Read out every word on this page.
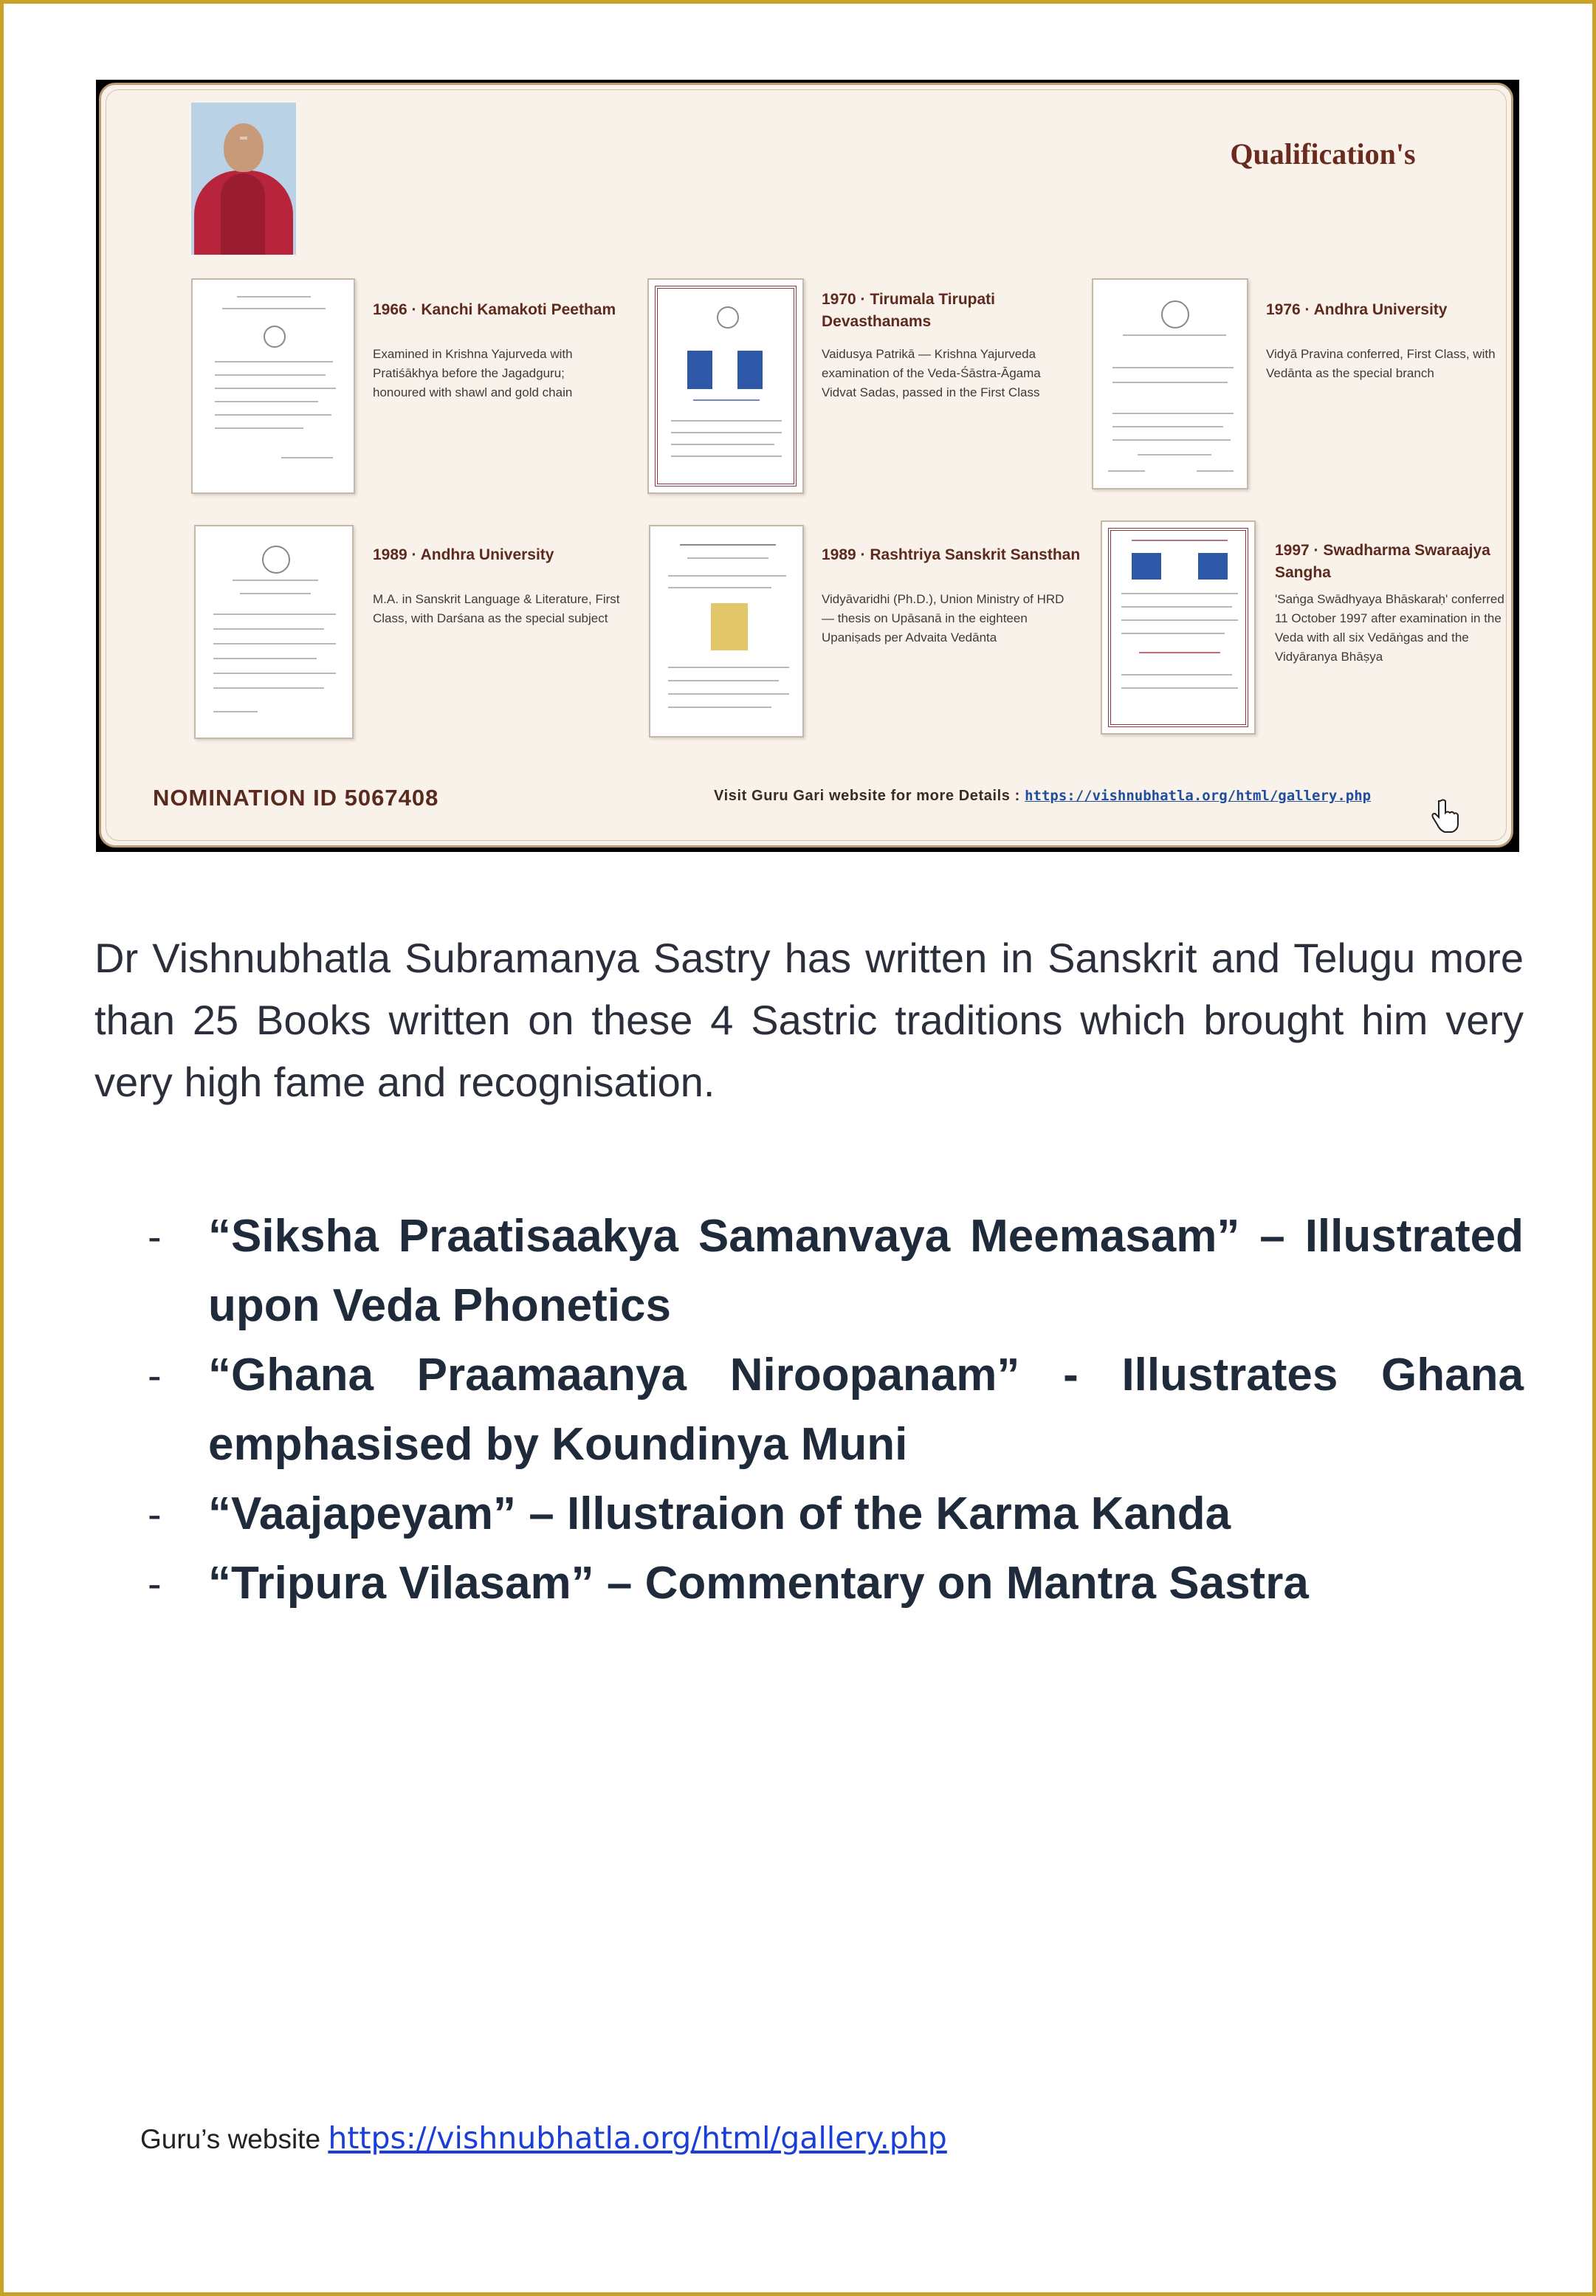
Qualification's
1966 · Kanchi Kamakoti Peetham
Examined in Krishna Yajurveda with Pratiśākhya before the Jagadguru; honoured with shawl and gold chain
1970 · Tirumala Tirupati Devasthanams
Vaidusya Patrikā — Krishna Yajurveda examination of the Veda-Śāstra-Āgama Vidvat Sadas, passed in the First Class
1976 · Andhra University
Vidyā Pravina conferred, First Class, with Vedānta as the special branch
1989 · Andhra University
M.A. in Sanskrit Language & Literature, First Class, with Darśana as the special subject
1989 · Rashtriya Sanskrit Sansthan
Vidyāvaridhi (Ph.D.), Union Ministry of HRD — thesis on Upāsanā in the eighteen Upaniṣads per Advaita Vedānta
1997 · Swadharma Swaraajya Sangha
'Saṅga Swādhyaya Bhāskaraḥ' conferred 11 October 1997 after examination in the Veda with all six Vedāṅgas and the Vidyāranya Bhāṣya
NOMINATION ID 5067408	Visit Guru Gari website for more Details : https://vishnubhatla.org/html/gallery.php

Dr Vishnubhatla Subramanya Sastry has written in Sanskrit and Telugu more than 25 Books written on these 4 Sastric traditions which brought him very very high fame and recognisation.

- “Siksha Praatisaakya Samanvaya Meemasam” – Illustrated upon Veda Phonetics
- “Ghana Praamaanya Niroopanam” - Illustrates Ghana emphasised by Koundinya Muni
- “Vaajapeyam” – Illustraion of the Karma Kanda
- “Tripura Vilasam” – Commentary on Mantra Sastra
Guru’s website https://vishnubhatla.org/html/gallery.php
